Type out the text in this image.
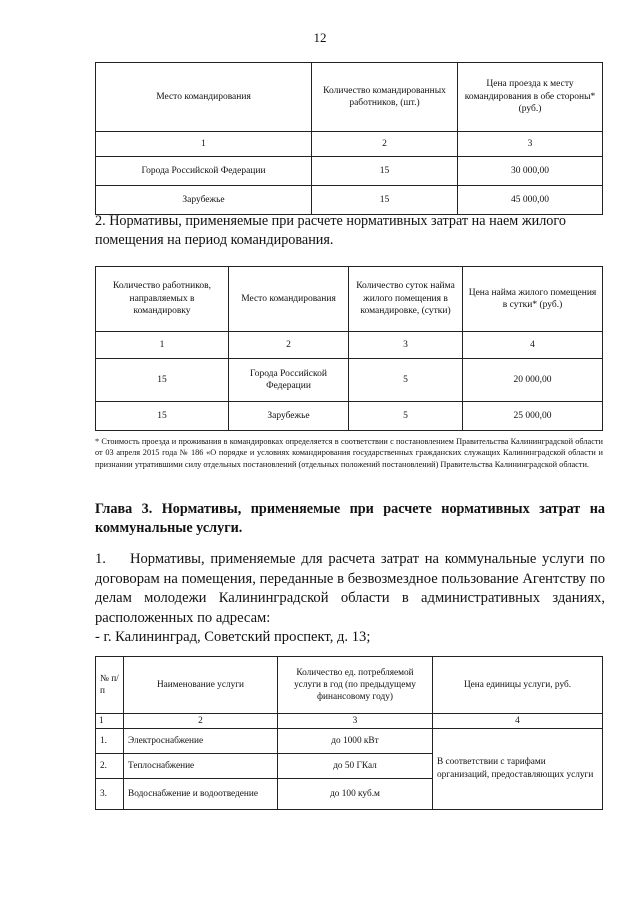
12
Место командирования	Количество командированных работников, (шт.)	Цена проезда к месту командирования в обе стороны* (руб.)
1	2	3
Города Российской Федерации	15	30 000,00
Зарубежье	15	45 000,00
2. Нормативы, применяемые при расчете нормативных затрат на наем жилого помещения на период командирования.
Количество работников, направляемых в командировку	Место командирования	Количество суток найма жилого помещения в командировке, (сутки)	Цена найма жилого помещения в сутки* (руб.)
1	2	3	4
15	Города Российской Федерации	5	20 000,00
15	Зарубежье	5	25 000,00
* Стоимость проезда и проживания в командировках определяется в соответствии с постановлением Правительства Калининградской области от 03 апреля 2015 года № 186 «О порядке и условиях командирования государственных гражданских служащих Калининградской области и признании утратившими силу отдельных постановлений (отдельных положений постановлений) Правительства Калининградской области.
Глава 3. Нормативы, применяемые при расчете нормативных затрат на коммунальные услуги.
1. Нормативы, применяемые для расчета затрат на коммунальные услуги по договорам на помещения, переданные в безвозмездное пользование Агентству по делам молодежи Калининградской области в административных зданиях, расположенных по адресам:
- г. Калининград, Советский проспект, д. 13;
№ п/п	Наименование услуги	Количество ед. потребляемой услуги в год (по предыдущему финансовому году)	Цена единицы услуги, руб.
1	2	3	4
1.	Электроснабжение	до 1000 кВт	В соответствии с тарифами организаций, предоставляющих услуги
2.	Теплоснабжение	до 50 ГКал	
3.	Водоснабжение и водоотведение	до 100 куб.м	
